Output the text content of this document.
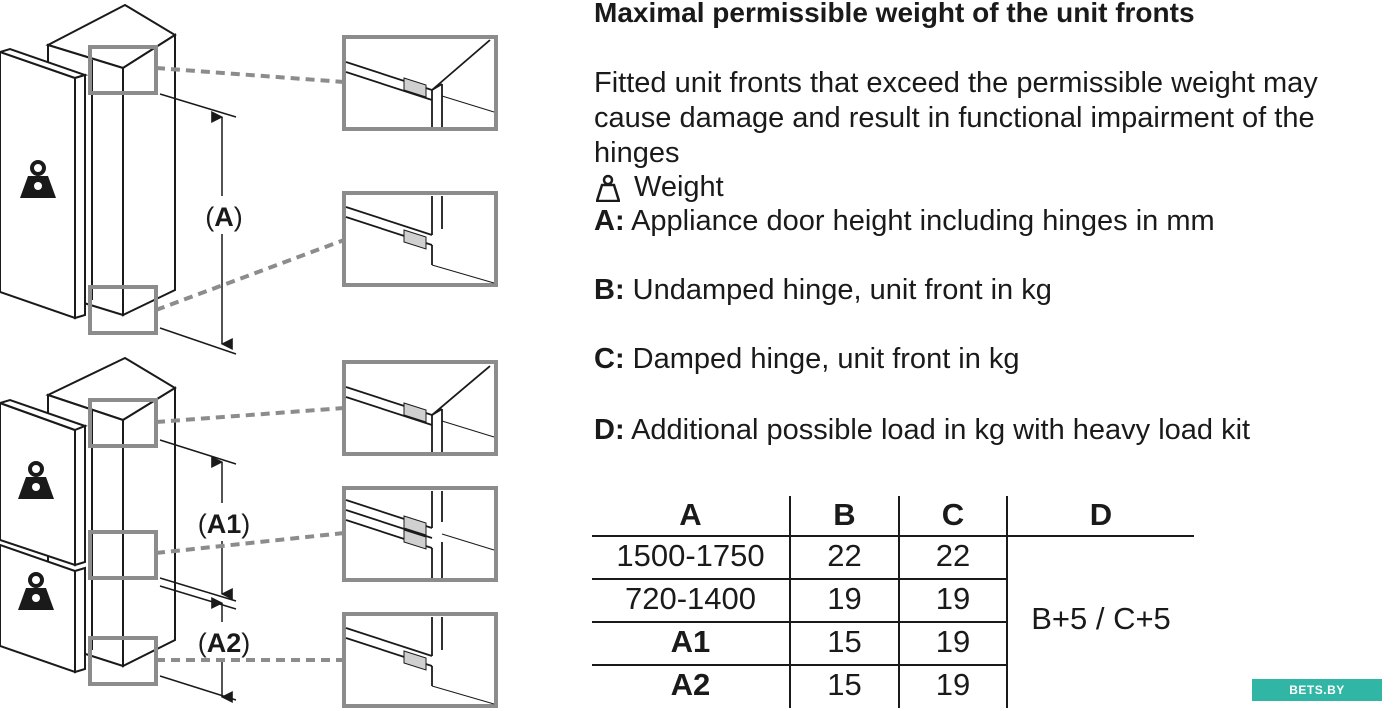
(A)
(A1)
(A2)
Maximal permissible weight of the unit fronts
Fitted unit fronts that exceed the permissible weight may cause damage and result in functional impairment of the hinges
Weight
A: Appliance door height including hinges in mm
B: Undamped hinge, unit front in kg
C: Damped hinge, unit front in kg
D: Additional possible load in kg with heavy load kit
A	B	C	D
1500-1750	22	22
720-1400	19	19
A1	15	19
A2	15	19
B+5 / C+5
BETS.BY
